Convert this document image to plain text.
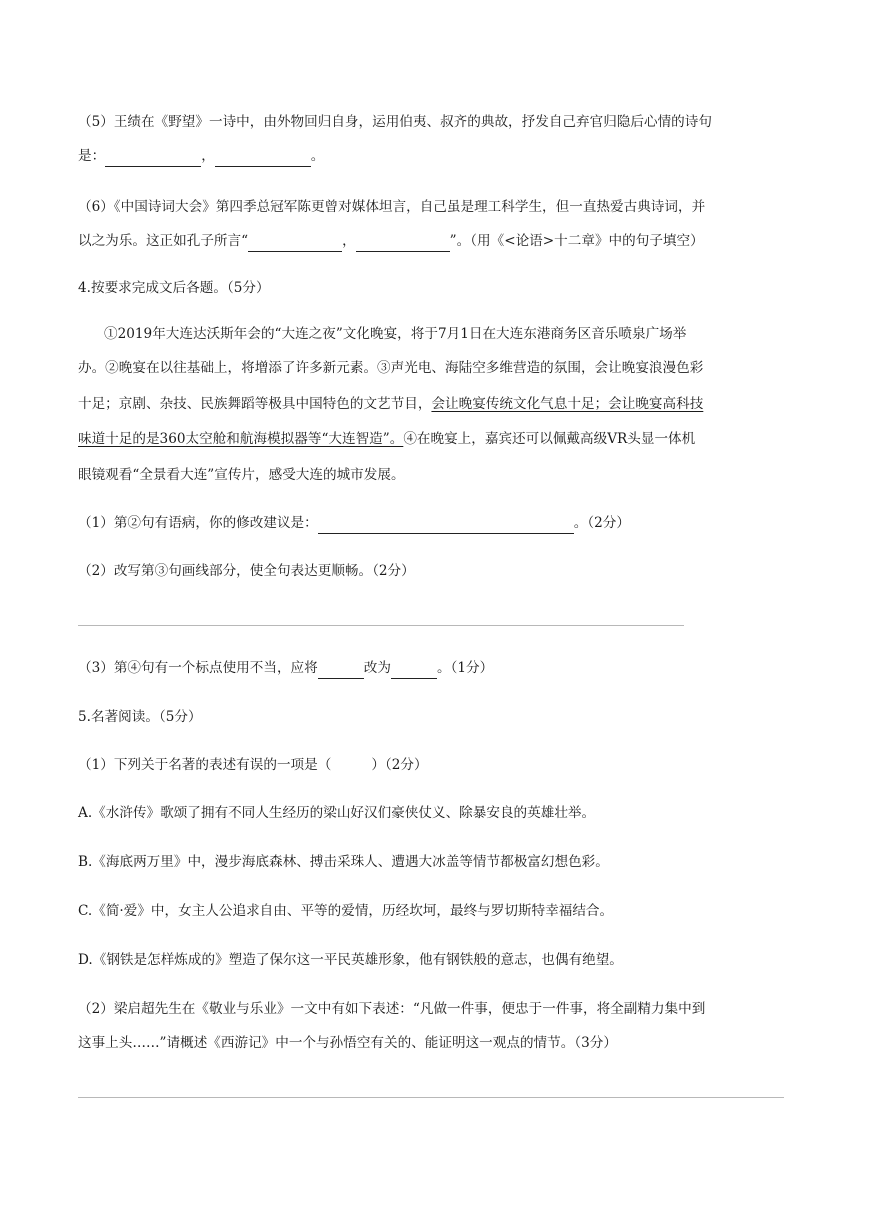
（5）王绩在《野望》一诗中，由外物回归自身，运用伯夷、叔齐的典故，抒发自己弃官归隐后心情的诗句
是：	，	。
（6）《中国诗词大会》第四季总冠军陈更曾对媒体坦言，自己虽是理工科学生，但一直热爱古典诗词，并
以之为乐。这正如孔子所言“	，	”。（用《<论语>十二章》中的句子填空）
4.按要求完成文后各题。（5分）
①2019年大连达沃斯年会的“大连之夜”文化晚宴，将于7月1日在大连东港商务区音乐喷泉广场举
办。②晚宴在以往基础上，将增添了许多新元素。③声光电、海陆空多维营造的氛围，会让晚宴浪漫色彩
十足；京剧、杂技、民族舞蹈等极具中国特色的文艺节目，会让晚宴传统文化气息十足；会让晚宴高科技
味道十足的是360太空舱和航海模拟器等“大连智造”。④在晚宴上，嘉宾还可以佩戴高级VR头显一体机
眼镜观看“全景看大连”宣传片，感受大连的城市发展。
（1）第②句有语病，你的修改建议是：	。（2分）
（2）改写第③句画线部分，使全句表达更顺畅。（2分）
（3）第④句有一个标点使用不当，应将	改为	。（1分）
5.名著阅读。（5分）
（1）下列关于名著的表述有误的一项是（	）（2分）
A.《水浒传》歌颂了拥有不同人生经历的梁山好汉们豪侠仗义、除暴安良的英雄壮举。
B.《海底两万里》中，漫步海底森林、搏击采珠人、遭遇大冰盖等情节都极富幻想色彩。
C.《简·爱》中，女主人公追求自由、平等的爱情，历经坎坷，最终与罗切斯特幸福结合。
D.《钢铁是怎样炼成的》塑造了保尔这一平民英雄形象，他有钢铁般的意志，也偶有绝望。
（2）梁启超先生在《敬业与乐业》一文中有如下表述：“凡做一件事，便忠于一件事，将全副精力集中到
这事上头……”请概述《西游记》中一个与孙悟空有关的、能证明这一观点的情节。（3分）
